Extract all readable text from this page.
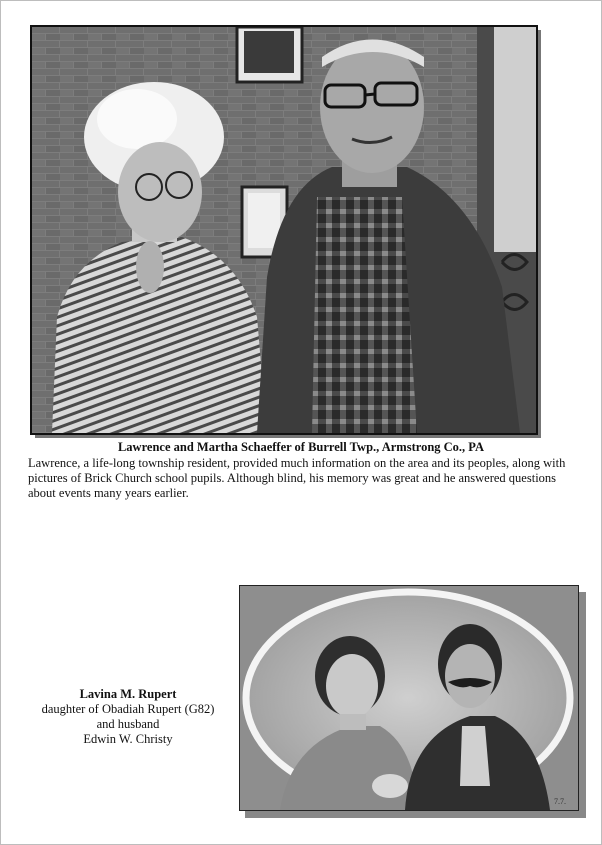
Lawrence and Martha Schaeffer of Burrell Twp., Armstrong Co., PA
Lawrence, a life-long township resident, provided much information on the area and its peoples, along with pictures of Brick Church school pupils. Although blind, his memory was great and he answered questions about events many years earlier.
7.7.
Lavina M. Rupert
daughter of Obadiah Rupert (G82)
and husband
Edwin W. Christy
